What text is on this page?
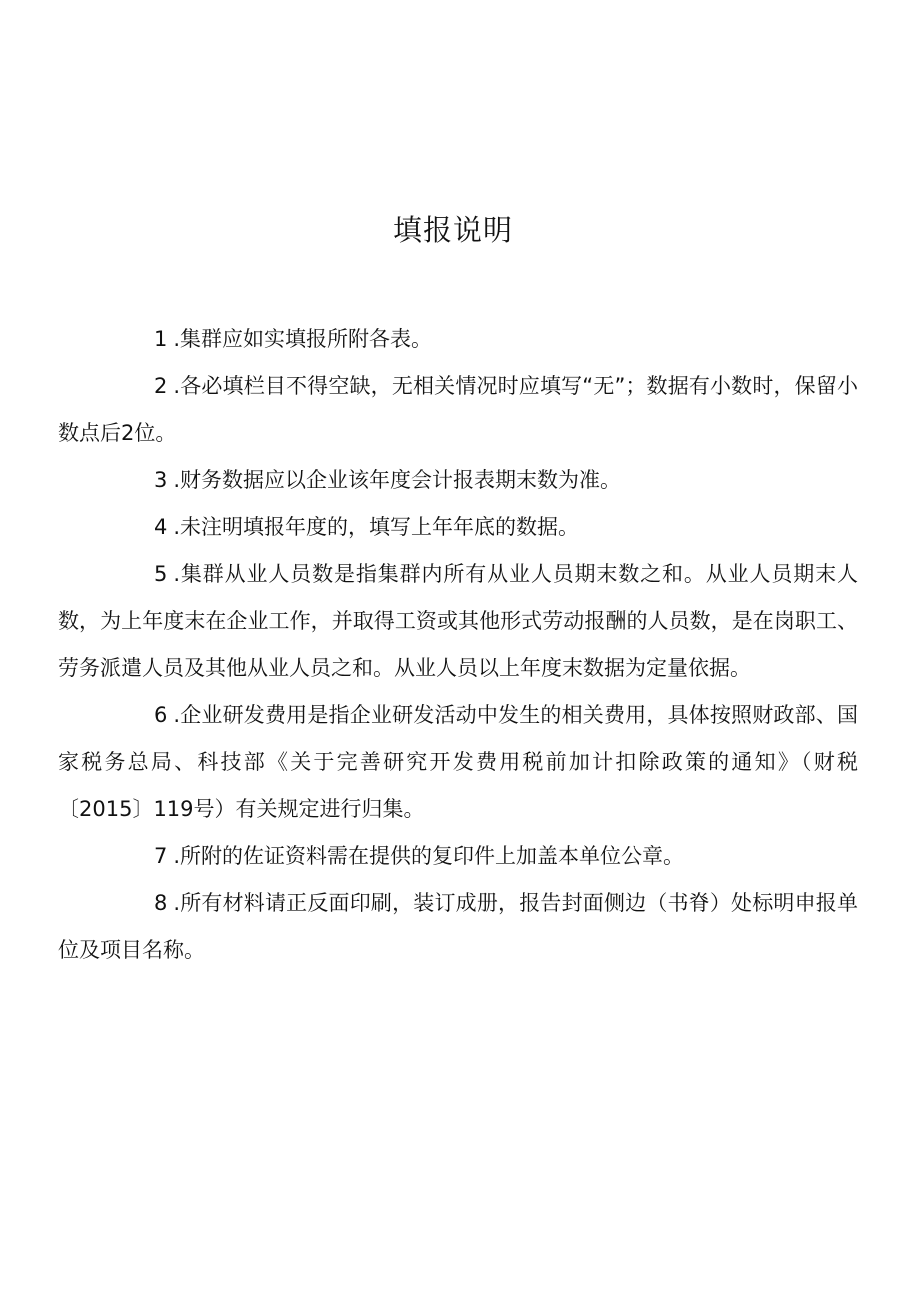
填报说明

1 .集群应如实填报所附各表。

2 .各必填栏目不得空缺，无相关情况时应填写“无”；数据有小数时，保留小数点后2位。

3 .财务数据应以企业该年度会计报表期末数为准。

4 .未注明填报年度的，填写上年年底的数据。

5 .集群从业人员数是指集群内所有从业人员期末数之和。从业人员期末人数，为上年度末在企业工作，并取得工资或其他形式劳动报酬的人员数，是在岗职工、劳务派遣人员及其他从业人员之和。从业人员以上年度末数据为定量依据。

6 .企业研发费用是指企业研发活动中发生的相关费用，具体按照财政部、国家税务总局、科技部《关于完善研究开发费用税前加计扣除政策的通知》（财税〔2015〕119号）有关规定进行归集。

7 .所附的佐证资料需在提供的复印件上加盖本单位公章。

8 .所有材料请正反面印刷，装订成册，报告封面侧边（书脊）处标明申报单位及项目名称。
